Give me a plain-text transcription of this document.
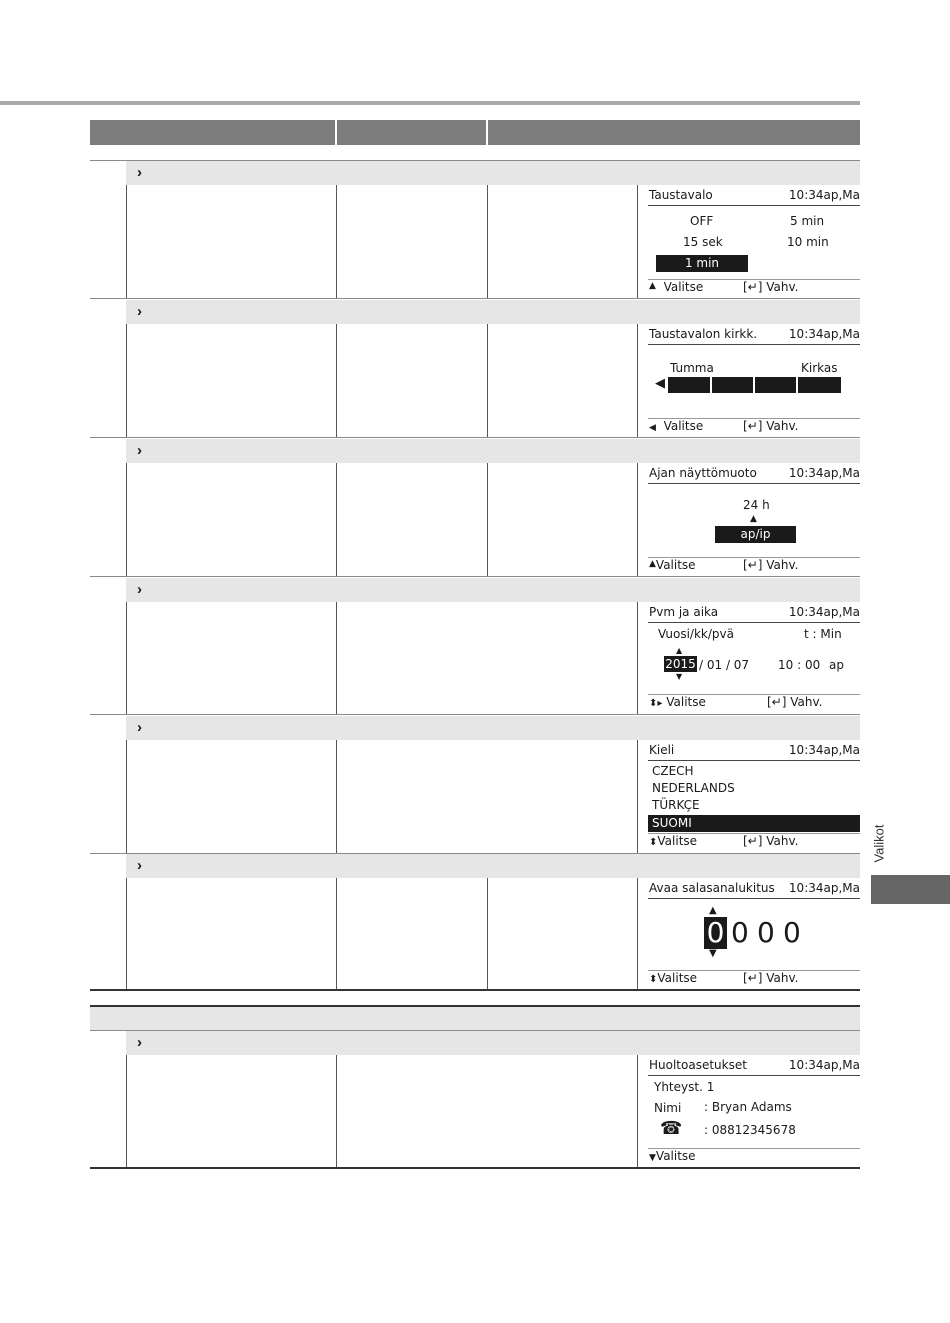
›
›
›
›
›
›
›
Taustavalo	10:34ap,Ma
OFF	5 min
15 sek	10 min
1 min
▲ Valitse	[↵] Vahv.
Taustavalon kirkk.	10:34ap,Ma
Tumma	Kirkas
◀
◀ Valitse	[↵] Vahv.
Ajan näyttömuoto	10:34ap,Ma
24 h
▲
ap/ip
▲Valitse	[↵] Vahv.
Pvm ja aika	10:34ap,Ma
Vuosi/kk/pvä	t : Min
▲
2015
▼
/ 01 / 07 10 : 00 ap
⬍▸ Valitse	[↵] Vahv.
Kieli	10:34ap,Ma
CZECH
NEDERLANDS
TÜRKÇE
SUOMI
⬍Valitse	[↵] Vahv.
Avaa salasanalukitus 10:34ap,Ma
▲
0
▼
0 0 0
⬍Valitse	[↵] Vahv.
Huoltoasetukset	10:34ap,Ma
Yhteyst. 1
Nimi : Bryan Adams
☎ : 08812345678
▼Valitse
Valikot
